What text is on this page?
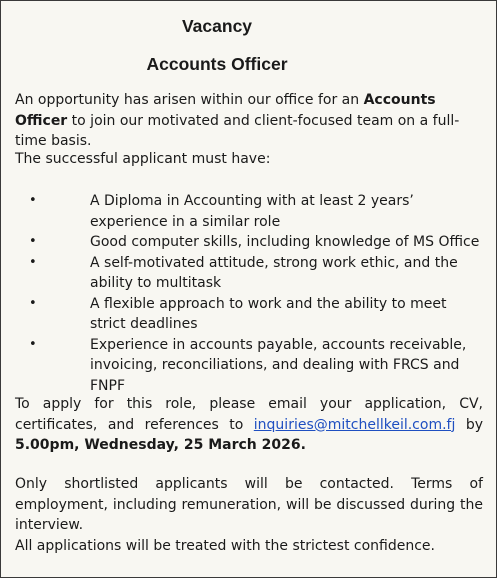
Vacancy
Accounts Officer

An opportunity has arisen within our office for an Accounts Officer to join our motivated and client-focused team on a full-time basis.

The successful applicant must have:

•	A Diploma in Accounting with at least 2 years’ experience in a similar role
•	Good computer skills, including knowledge of MS Office
•	A self-motivated attitude, strong work ethic, and the ability to multitask
•	A flexible approach to work and the ability to meet strict deadlines
•	Experience in accounts payable, accounts receivable, invoicing, reconciliations, and dealing with FRCS and FNPF

To apply for this role, please email your application, CV, certificates, and references to inquiries@mitchellkeil.com.fj by 5.00pm, Wednesday, 25 March 2026.

Only shortlisted applicants will be contacted. Terms of employment, including remuneration, will be discussed during the interview.

All applications will be treated with the strictest confidence.
